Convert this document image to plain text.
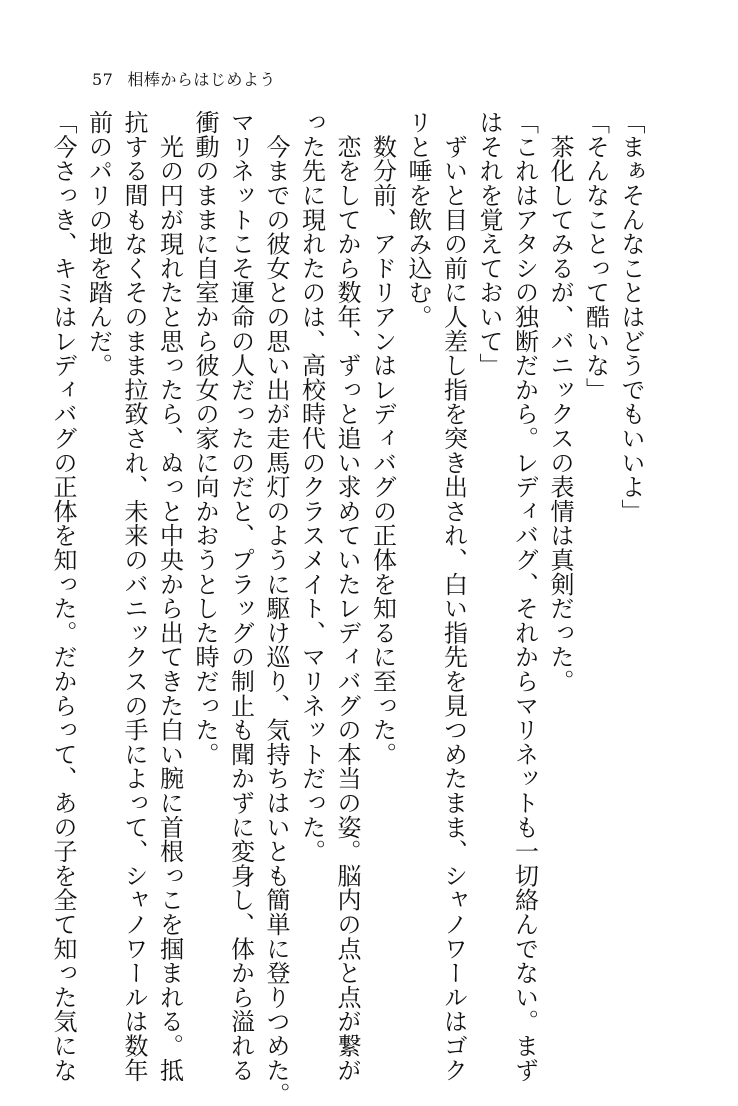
57 相棒からはじめよう
「まぁそんなことはどうでもいいよ」
「そんなことって酷いな」
　茶化してみるが、バニックスの表情は真剣だった。
「これはアタシの独断だから。レディバグ、それからマリネットも一切絡んでない。まず
はそれを覚えておいて」
　ずいと目の前に人差し指を突き出され、白い指先を見つめたまま、シャノワールはゴク
リと唾を飲み込む。
　数分前、アドリアンはレディバグの正体を知るに至った。
　恋をしてから数年、ずっと追い求めていたレディバグの本当の姿。脳内の点と点が繋が
った先に現れたのは、高校時代のクラスメイト、マリネットだった。
　今までの彼女との思い出が走馬灯のように駆け巡り、気持ちはいとも簡単に登りつめた。
マリネットこそ運命の人だったのだと、プラッグの制止も聞かずに変身し、体から溢れる
衝動のままに自室から彼女の家に向かおうとした時だった。
　光の円が現れたと思ったら、ぬっと中央から出てきた白い腕に首根っこを掴まれる。抵
抗する間もなくそのまま拉致され、未来のバニックスの手によって、シャノワールは数年
前のパリの地を踏んだ。
「今さっき、キミはレディバグの正体を知った。だからって、あの子を全て知った気にな
